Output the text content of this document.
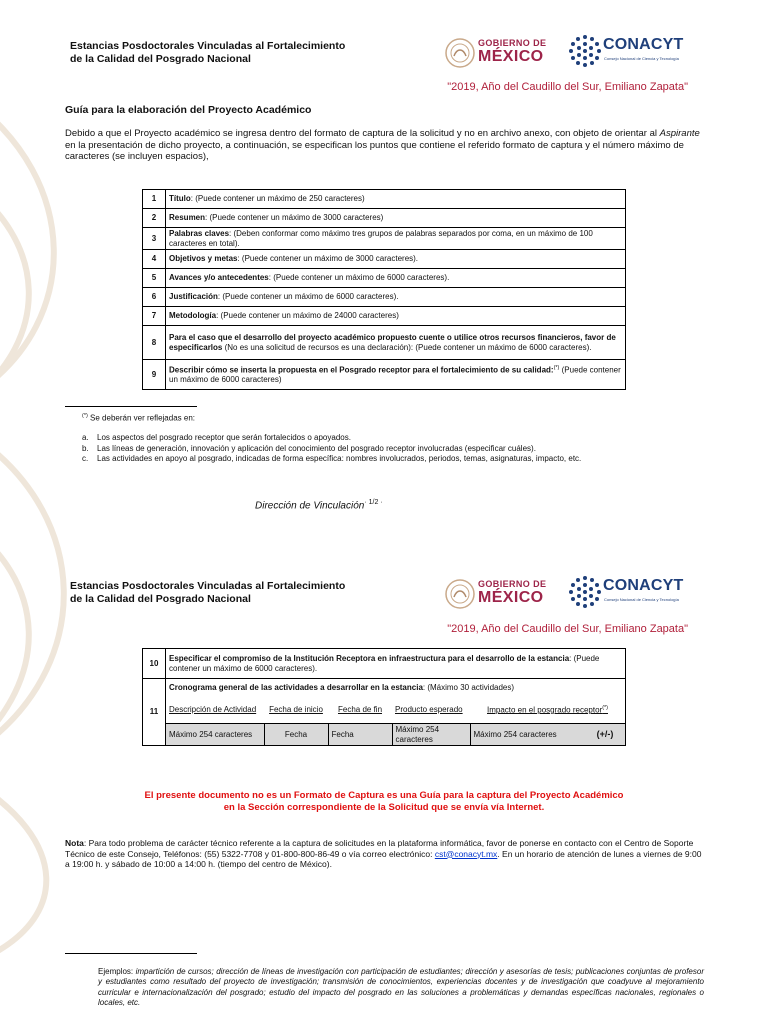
Estancias Posdoctorales Vinculadas al Fortalecimiento
de la Calidad del Posgrado Nacional
GOBIERNO DE
MÉXICO
CONACYT
Consejo Nacional de Ciencia y Tecnología
"2019, Año del Caudillo del Sur, Emiliano Zapata"
Guía para la elaboración del Proyecto Académico
Debido a que el Proyecto académico se ingresa dentro del formato de captura de la solicitud y no en archivo anexo, con objeto de orientar al Aspirante en la presentación de dicho proyecto, a continuación, se especifican los puntos que contiene el referido formato de captura y el número máximo de caracteres (se incluyen espacios),
1	Título: (Puede contener un máximo de 250 caracteres)
2	Resumen: (Puede contener un máximo de 3000 caracteres)
3	Palabras claves: (Deben conformar como máximo tres grupos de palabras separados por coma, en un máximo de 100 caracteres en total).
4	Objetivos y metas: (Puede contener un máximo de 3000 caracteres).
5	Avances y/o antecedentes: (Puede contener un máximo de 6000 caracteres).
6	Justificación: (Puede contener un máximo de 6000 caracteres).
7	Metodología: (Puede contener un máximo de 24000 caracteres)
8	Para el caso que el desarrollo del proyecto académico propuesto cuente o utilice otros recursos financieros, favor de especificarlos (No es una solicitud de recursos es una declaración): (Puede contener un máximo de 6000 caracteres).
9	Describir cómo se inserta la propuesta en el Posgrado receptor para el fortalecimiento de su calidad:(*) (Puede contener un máximo de 6000 caracteres)
(*) Se deberán ver reflejadas en:
a. Los aspectos del posgrado receptor que serán fortalecidos o apoyados.
b. Las líneas de generación, innovación y aplicación del conocimiento del posgrado receptor involucradas (especificar cuáles).
c. Las actividades en apoyo al posgrado, indicadas de forma específica: nombres involucrados, periodos, temas, asignaturas, impacto, etc.
Dirección de Vinculación· $^{1/2}$ ·
Estancias Posdoctorales Vinculadas al Fortalecimiento
de la Calidad del Posgrado Nacional
GOBIERNO DE
MÉXICO
CONACYT
Consejo Nacional de Ciencia y Tecnología
"2019, Año del Caudillo del Sur, Emiliano Zapata"
10	Especificar el compromiso de la Institución Receptora en infraestructura para el desarrollo de la estancia: (Puede contener un máximo de 6000 caracteres).					
11	Cronograma general de las actividades a desarrollar en la estancia: (Máximo 30 actividades)					
	Descripción de Actividad	Fecha de inicio	Fecha de fin	Producto esperado	Impacto en el posgrado receptor(*)
	Máximo 254 caracteres	Fecha	Fecha	Máximo 254 caracteres	Máximo 254 caracteres	(+/-)
El presente documento no es un Formato de Captura es una Guía para la captura del Proyecto Académico
en la Sección correspondiente de la Solicitud que se envía vía Internet.
Nota: Para todo problema de carácter técnico referente a la captura de solicitudes en la plataforma informática, favor de ponerse en contacto con el Centro de Soporte Técnico de este Consejo, Teléfonos: (55) 5322-7708 y 01-800-800-86-49 o vía correo electrónico: cst@conacyt.mx. En un horario de atención de lunes a viernes de 9:00 a 19:00 h. y sábado de 10:00 a 14:00 h. (tiempo del centro de México).
Ejemplos: impartición de cursos; dirección de líneas de investigación con participación de estudiantes; dirección y asesorías de tesis; publicaciones conjuntas de profesor y estudiantes como resultado del proyecto de investigación; transmisión de conocimientos, experiencias docentes y de investigación que coadyuve al mejoramiento curricular e internacionalización del posgrado; estudio del impacto del posgrado en las soluciones a problemáticas y demandas específicas nacionales, regionales o locales, etc.
